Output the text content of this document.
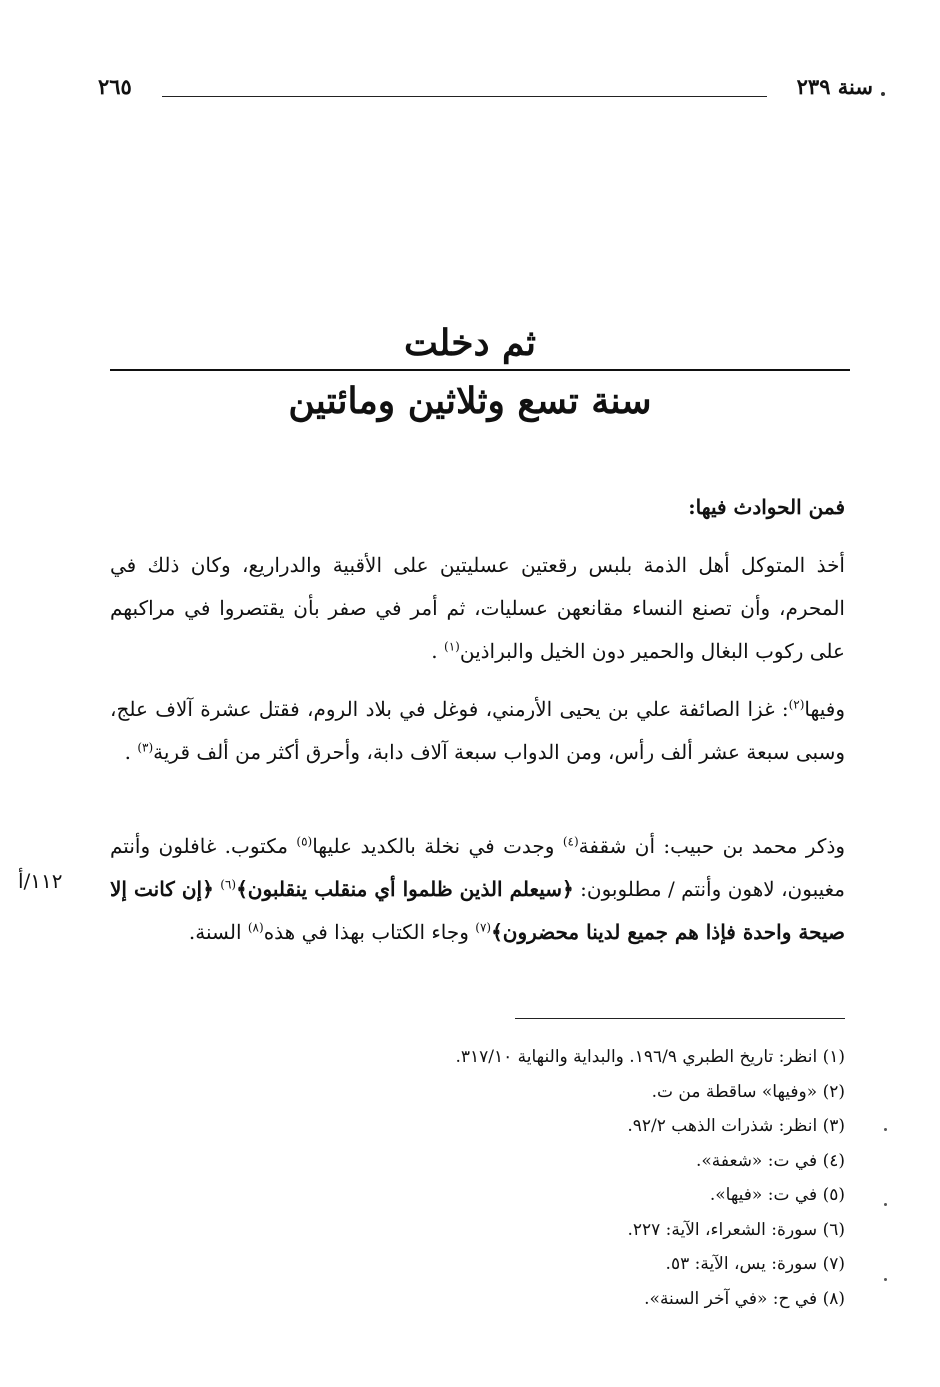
سنة ٢٣٩
٢٦٥
ثم دخلت
سنة تسع وثلاثين ومائتين
فمن الحوادث فيها:

أخذ المتوكل أهل الذمة بلبس رقعتين عسليتين على الأقبية والدراريع، وكان ذلك في المحرم، وأن تصنع النساء مقانعهن عسليات، ثم أمر في صفر بأن يقتصروا في مراكبهم على ركوب البغال والحمير دون الخيل والبراذين$^{(١)}$ .

وفيها$^{(٢)}$: غزا الصائفة علي بن يحيى الأرمني، فوغل في بلاد الروم، فقتل عشرة آلاف علج، وسبى سبعة عشر ألف رأس، ومن الدواب سبعة آلاف دابة، وأحرق أكثر من ألف قرية$^{(٣)}$ .

وذكر محمد بن حبيب: أن شقفة$^{(٤)}$ وجدت في نخلة بالكديد عليها$^{(٥)}$ مكتوب. غافلون وأنتم مغيبون، لاهون وأنتم / مطلوبون: ﴿سيعلم الذين ظلموا أي منقلب ينقلبون﴾$^{(٦)}$ ﴿إن كانت إلا صيحة واحدة فإذا هم جميع لدينا محضرون﴾$^{(٧)}$ وجاء الكتاب بهذا في هذه$^{(٨)}$ السنة.

١١٢/أ
(١) انظر: تاريخ الطبري ١٩٦/٩. والبداية والنهاية ٣١٧/١٠.
(٢) «وفيها» ساقطة من ت.
(٣) انظر: شذرات الذهب ٩٢/٢.
(٤) في ت: «شعفة».
(٥) في ت: «فيها».
(٦) سورة: الشعراء، الآية: ٢٢٧.
(٧) سورة: يس، الآية: ٥٣.
(٨) في ح: «في آخر السنة».
